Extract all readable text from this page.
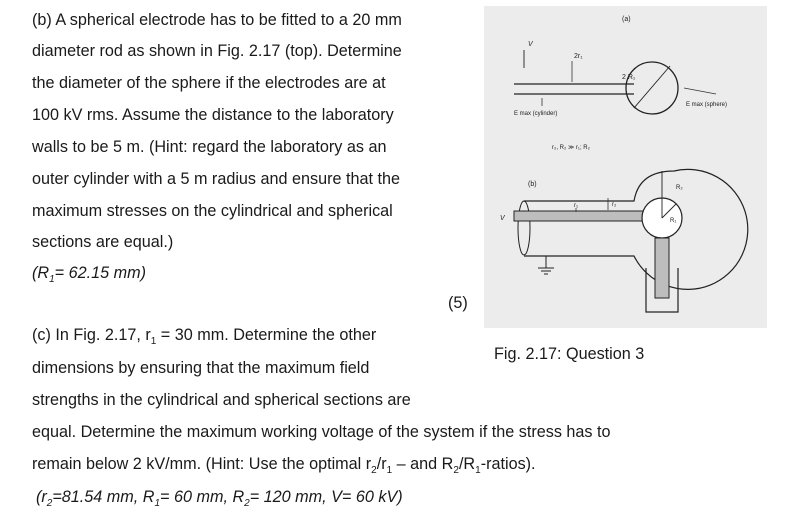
(b) A spherical electrode has to be fitted to a 20 mm
diameter rod as shown in Fig. 2.17 (top). Determine
the diameter of the sphere if the electrodes are at
100 kV rms. Assume the distance to the laboratory
walls to be 5 m. (Hint: regard the laboratory as an
outer cylinder with a 5 m radius and ensure that the
maximum stresses on the cylindrical and spherical
sections are equal.)
($R_1= 62.15$ mm)
(5)
(c) In Fig. 2.17, $r_1 = 30$ mm. Determine the other
dimensions by ensuring that the maximum field
strengths in the cylindrical and spherical sections are
equal. Determine the maximum working voltage of the system if the stress has to
remain below 2 kV/mm. (Hint: Use the optimal $r_2/r_1$ – and $R_2/R_1-ratios$).
($r_2=81.54$ mm, $R_1= 60$ mm, $R_2= 120$ mm, V= 60 kV)
(a)
V
2r₁
2 R₁
E max (cylinder)
E max (sphere)
r₂, R₂ ≫ r₁; R₂
(b)
V	R₁
R₂
r₁	r₂
Fig. 2.17: Question 3
